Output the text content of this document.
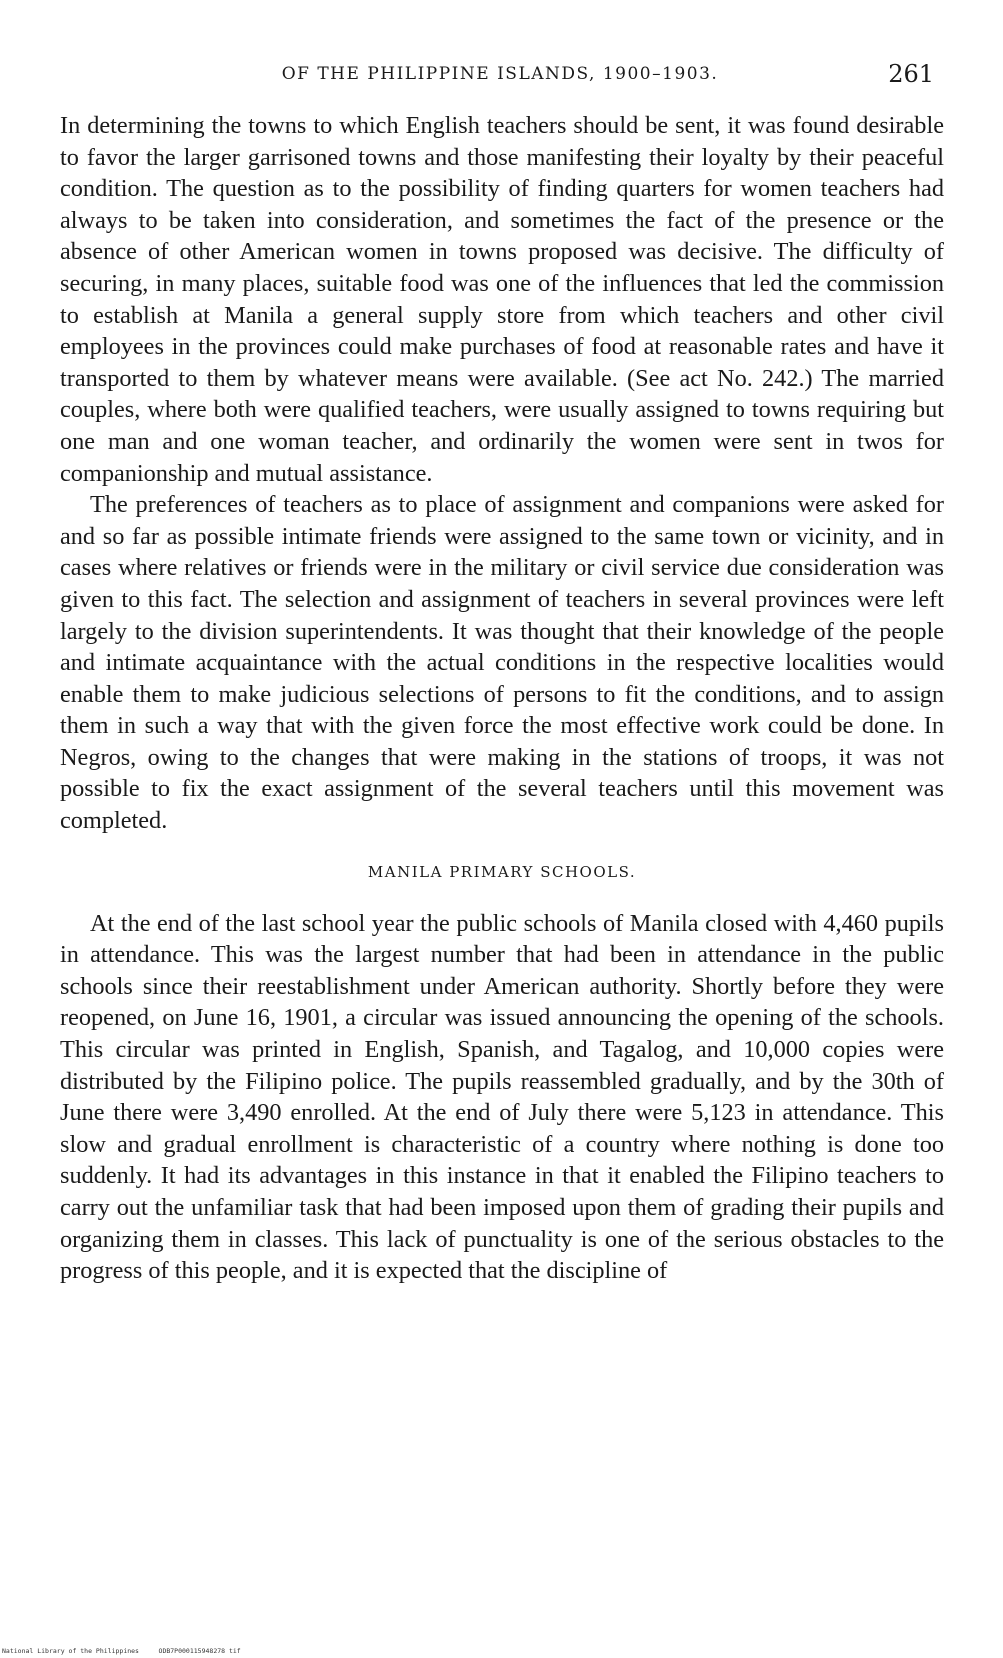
OF THE PHILIPPINE ISLANDS, 1900–1903.	261

In determining the towns to which English teachers should be sent, it was found desirable to favor the larger garrisoned towns and those manifesting their loyalty by their peaceful condition. The question as to the possibility of finding quarters for women teachers had always to be taken into consideration, and sometimes the fact of the presence or the absence of other American women in towns proposed was decisive. The difficulty of securing, in many places, suitable food was one of the influences that led the commission to establish at Manila a general supply store from which teachers and other civil employees in the provinces could make purchases of food at reasonable rates and have it transported to them by whatever means were available. (See act No. 242.) The married couples, where both were qualified teachers, were usually assigned to towns requiring but one man and one woman teacher, and ordinarily the women were sent in twos for companionship and mutual assistance.

The preferences of teachers as to place of assignment and companions were asked for and so far as possible intimate friends were assigned to the same town or vicinity, and in cases where relatives or friends were in the military or civil service due consideration was given to this fact. The selection and assignment of teachers in several provinces were left largely to the division superintendents. It was thought that their knowledge of the people and intimate acquaintance with the actual conditions in the respective localities would enable them to make judicious selections of persons to fit the conditions, and to assign them in such a way that with the given force the most effective work could be done. In Negros, owing to the changes that were making in the stations of troops, it was not possible to fix the exact assignment of the several teachers until this movement was completed.

MANILA PRIMARY SCHOOLS.

At the end of the last school year the public schools of Manila closed with 4,460 pupils in attendance. This was the largest number that had been in attendance in the public schools since their reestablishment under American authority. Shortly before they were reopened, on June 16, 1901, a circular was issued announcing the opening of the schools. This circular was printed in English, Spanish, and Tagalog, and 10,000 copies were distributed by the Filipino police. The pupils reassembled gradually, and by the 30th of June there were 3,490 enrolled. At the end of July there were 5,123 in attendance. This slow and gradual enrollment is characteristic of a country where nothing is done too suddenly. It had its advantages in this instance in that it enabled the Filipino teachers to carry out the unfamiliar task that had been imposed upon them of grading their pupils and organizing them in classes. This lack of punctuality is one of the serious obstacles to the progress of this people, and it is expected that the discipline of

National Library of the Philippines     ODB7P000115948278 tif
